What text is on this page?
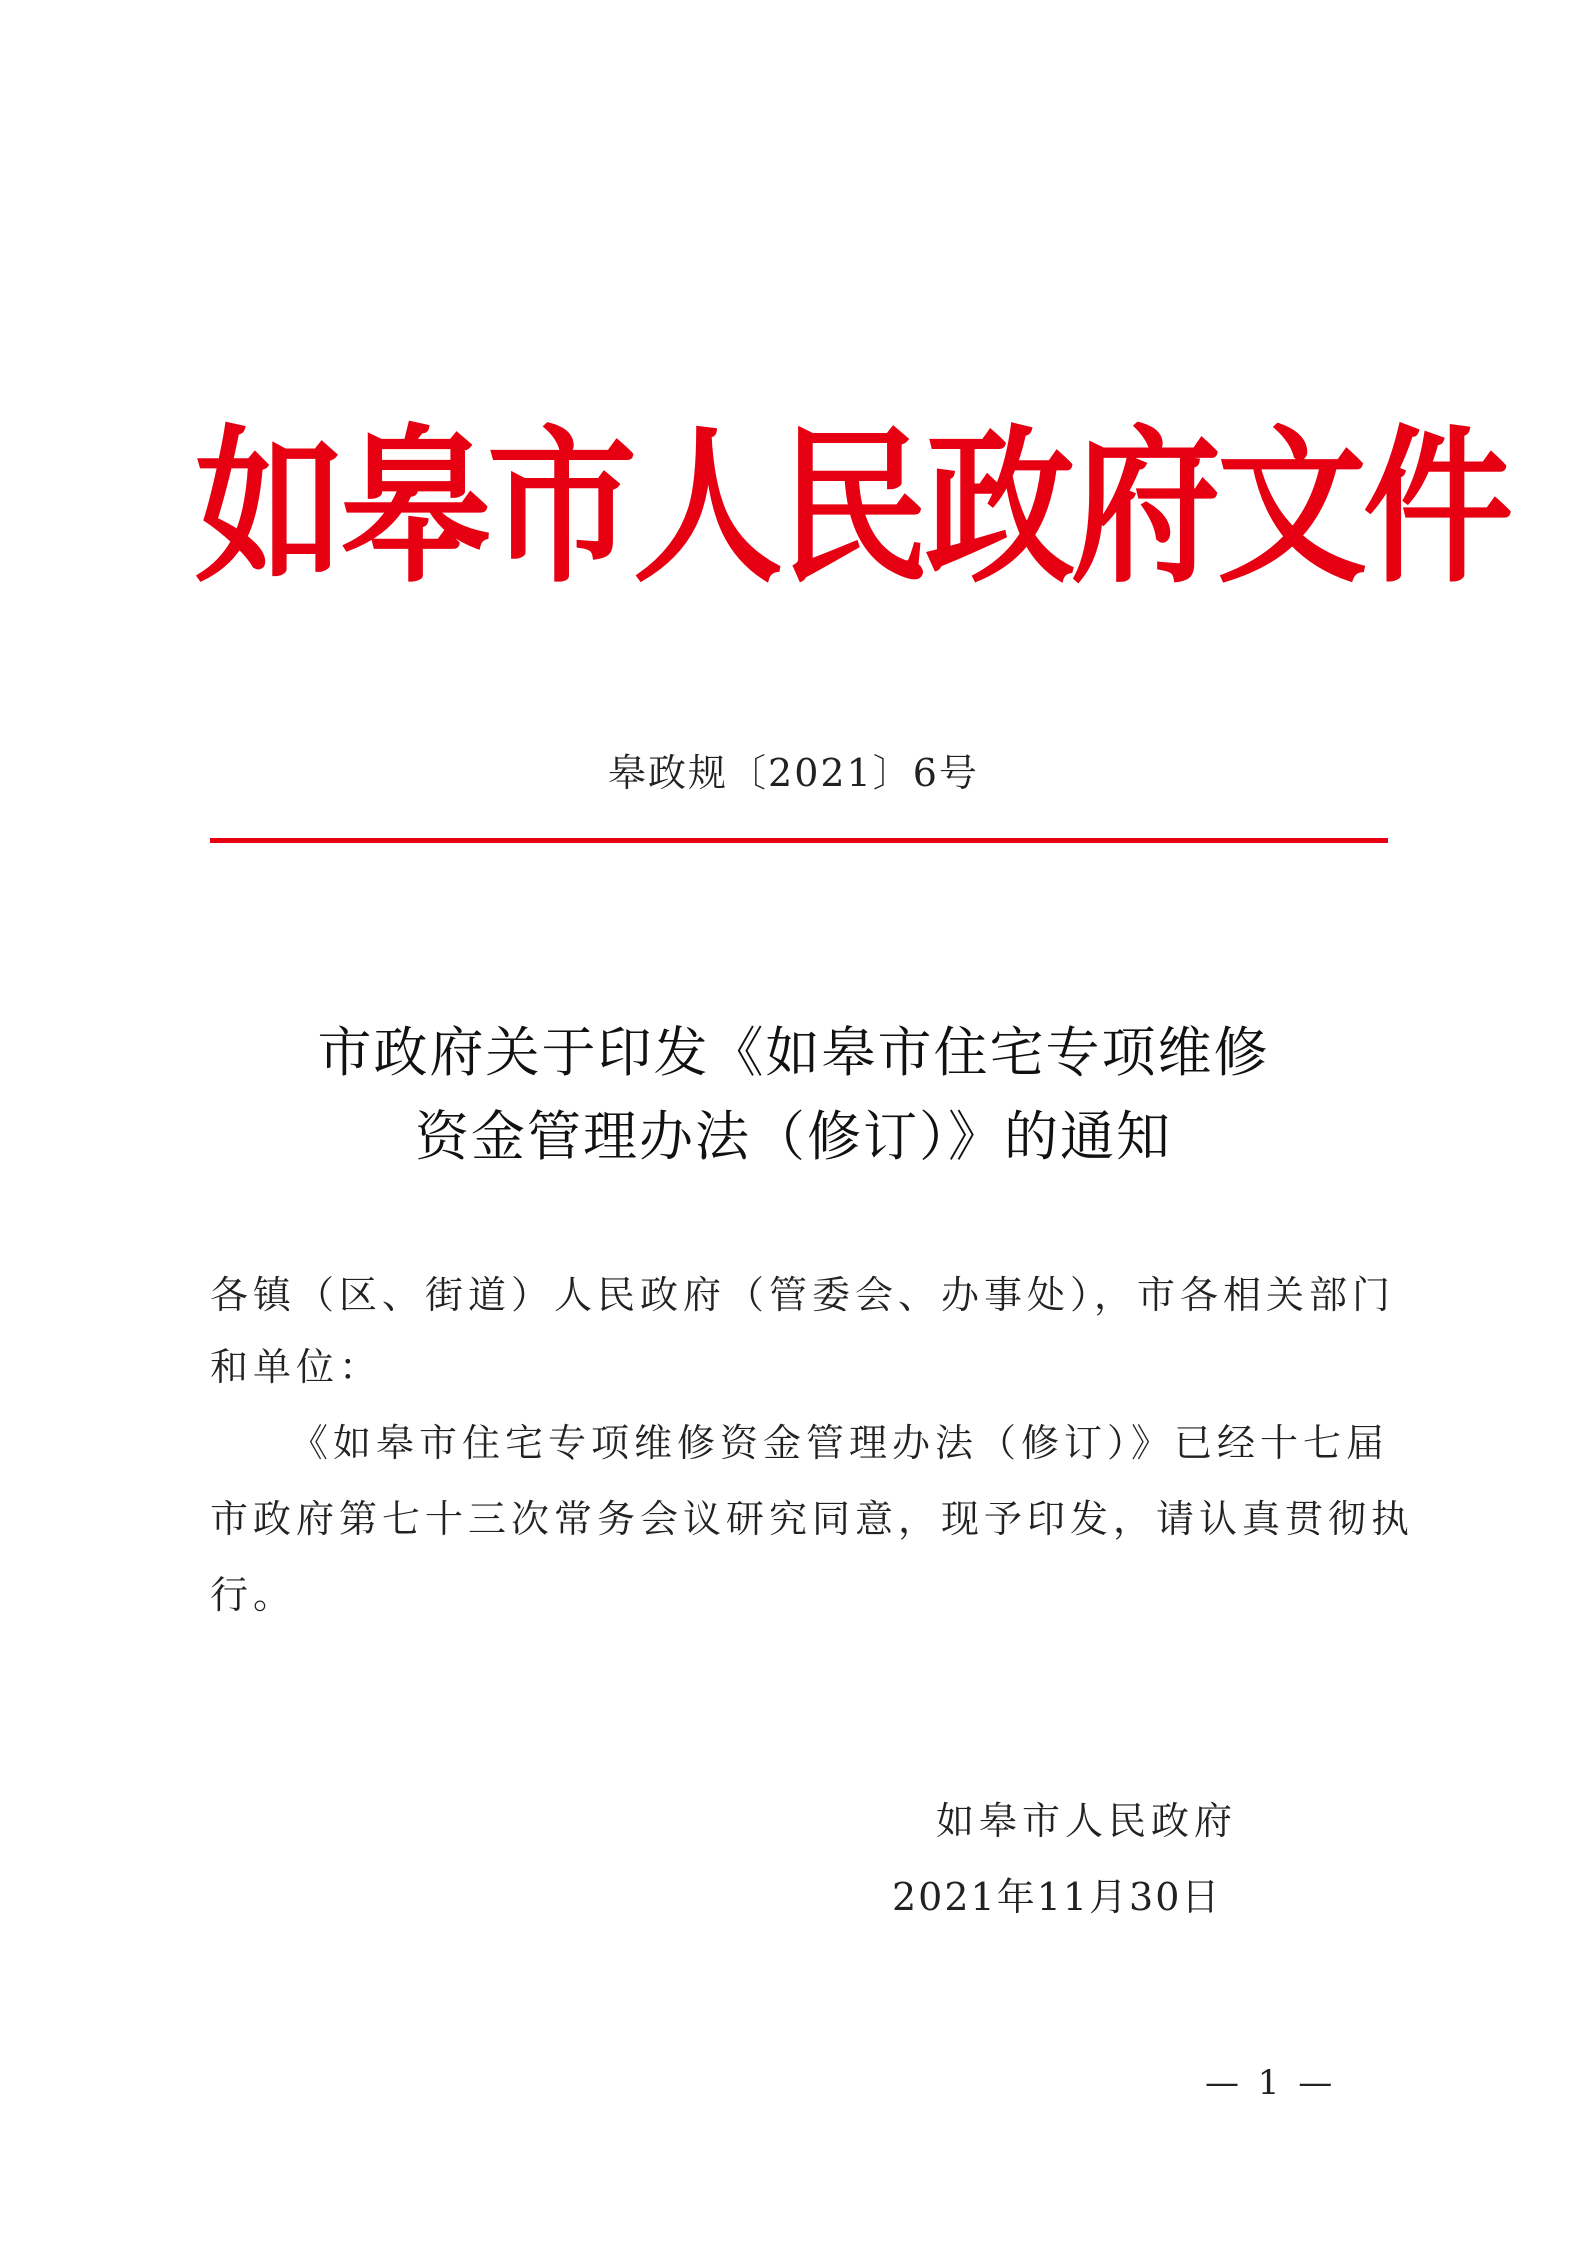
如皋市人民政府文件
皋政规〔2021〕6号
市政府关于印发《如皋市住宅专项维修
资金管理办法（修订）》的通知
各镇（区、街道）人民政府（管委会、办事处），市各相关部门
和单位：
《如皋市住宅专项维修资金管理办法（修订）》已经十七届
市政府第七十三次常务会议研究同意，现予印发，请认真贯彻执
行。
如皋市人民政府
2021年11月30日
— 1 —
